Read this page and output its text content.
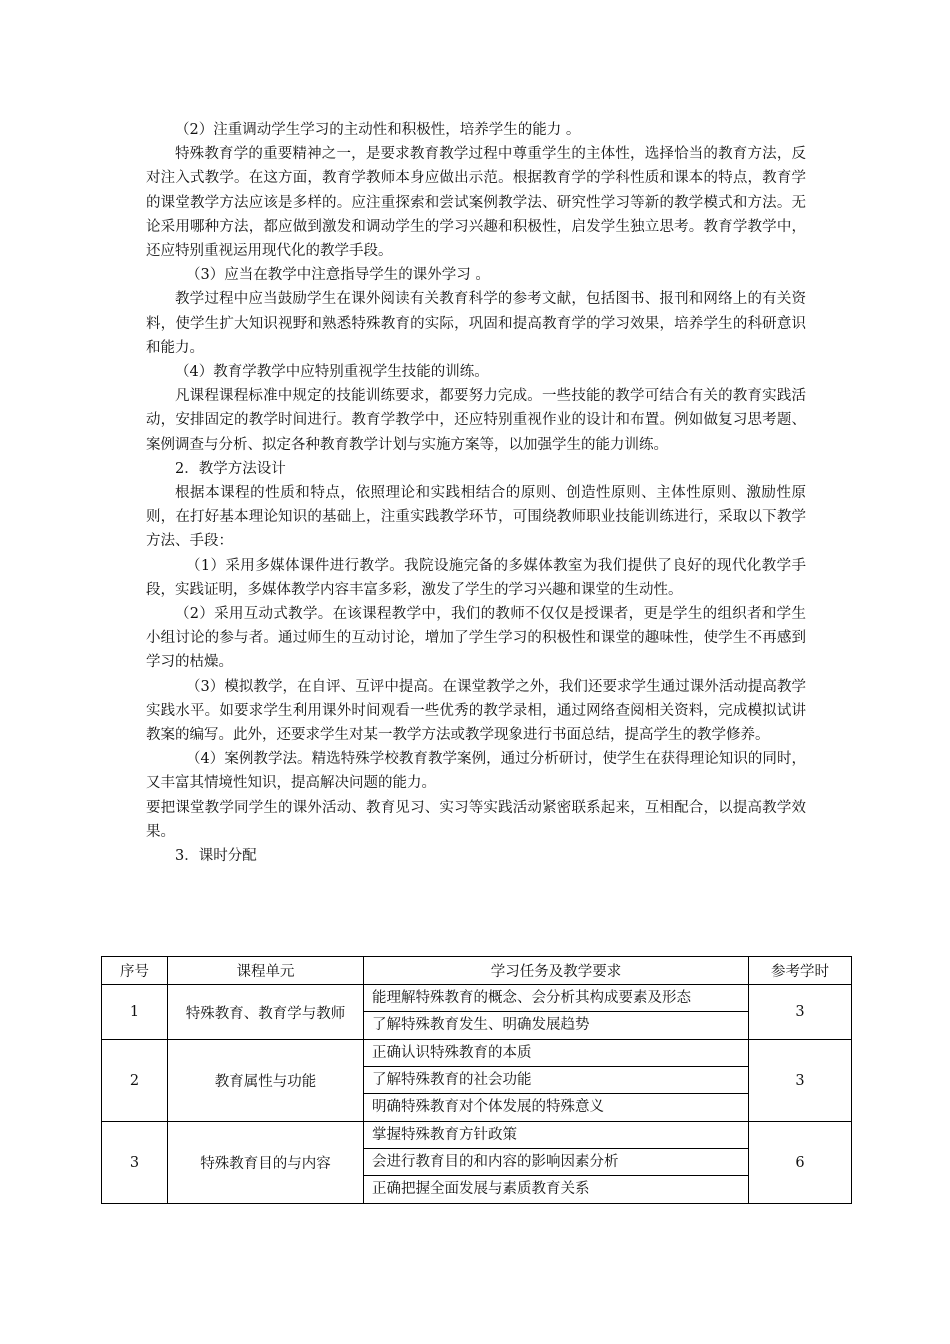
（2）注重调动学生学习的主动性和积极性，培养学生的能力 。

特殊教育学的重要精神之一，是要求教育教学过程中尊重学生的主体性，选择恰当的教育方法，反对注入式教学。在这方面，教育学教师本身应做出示范。根据教育学的学科性质和课本的特点，教育学的课堂教学方法应该是多样的。应注重探索和尝试案例教学法、研究性学习等新的教学模式和方法。无论采用哪种方法，都应做到激发和调动学生的学习兴趣和积极性，启发学生独立思考。教育学教学中，还应特别重视运用现代化的教学手段。

（3）应当在教学中注意指导学生的课外学习 。

教学过程中应当鼓励学生在课外阅读有关教育科学的参考文献，包括图书、报刊和网络上的有关资料，使学生扩大知识视野和熟悉特殊教育的实际，巩固和提高教育学的学习效果，培养学生的科研意识和能力。

（4）教育学教学中应特别重视学生技能的训练。

凡课程课程标准中规定的技能训练要求，都要努力完成。一些技能的教学可结合有关的教育实践活动，安排固定的教学时间进行。教育学教学中，还应特别重视作业的设计和布置。例如做复习思考题、案例调查与分析、拟定各种教育教学计划与实施方案等，以加强学生的能力训练。

2．教学方法设计

根据本课程的性质和特点，依照理论和实践相结合的原则、创造性原则、主体性原则、激励性原则，在打好基本理论知识的基础上，注重实践教学环节，可围绕教师职业技能训练进行，采取以下教学方法、手段：

（1）采用多媒体课件进行教学。我院设施完备的多媒体教室为我们提供了良好的现代化教学手段，实践证明，多媒体教学内容丰富多彩，激发了学生的学习兴趣和课堂的生动性。

（2）采用互动式教学。在该课程教学中，我们的教师不仅仅是授课者，更是学生的组织者和学生小组讨论的参与者。通过师生的互动讨论，增加了学生学习的积极性和课堂的趣味性，使学生不再感到学习的枯燥。

（3）模拟教学，在自评、互评中提高。在课堂教学之外，我们还要求学生通过课外活动提高教学实践水平。如要求学生利用课外时间观看一些优秀的教学录相，通过网络查阅相关资料，完成模拟试讲教案的编写。此外，还要求学生对某一教学方法或教学现象进行书面总结，提高学生的教学修养。

（4）案例教学法。精选特殊学校教育教学案例，通过分析研讨，使学生在获得理论知识的同时，又丰富其情境性知识，提高解决问题的能力。

要把课堂教学同学生的课外活动、教育见习、实习等实践活动紧密联系起来，互相配合，以提高教学效果。

3．课时分配

序号	课程单元	学习任务及教学要求	参考学时
1	特殊教育、教育学与教师	能理解特殊教育的概念、会分析其构成要素及形态
了解特殊教育发生、明确发展趋势	3
2	教育属性与功能	正确认识特殊教育的本质
了解特殊教育的社会功能
明确特殊教育对个体发展的特殊意义	3
3	特殊教育目的与内容	掌握特殊教育方针政策
会进行教育目的和内容的影响因素分析
正确把握全面发展与素质教育关系	6
